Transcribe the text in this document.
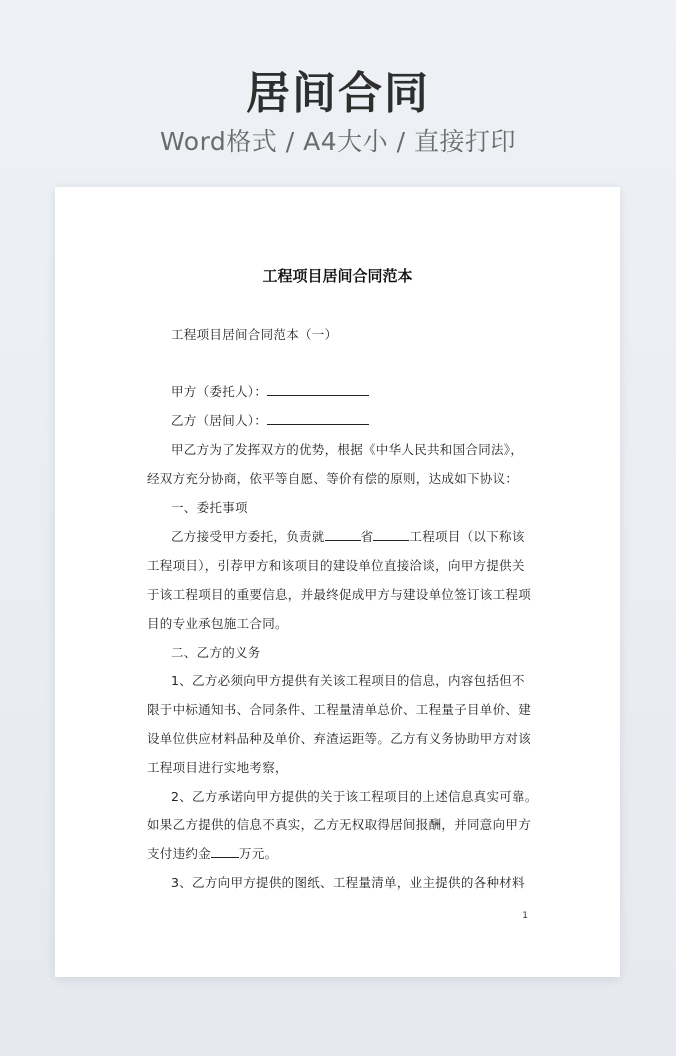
居间合同
Word格式 / A4大小 / 直接打印
工程项目居间合同范本
工程项目居间合同范本（一）
甲方（委托人）：
乙方（居间人）：
甲乙方为了发挥双方的优势，根据《中华人民共和国合同法》，
经双方充分协商，依平等自愿、等价有偿的原则，达成如下协议：
一、委托事项
乙方接受甲方委托，负责就	省	工程项目（以下称该
工程项目），引荐甲方和该项目的建设单位直接洽谈，向甲方提供关
于该工程项目的重要信息，并最终促成甲方与建设单位签订该工程项
目的专业承包施工合同。
二、乙方的义务
1、乙方必须向甲方提供有关该工程项目的信息，内容包括但不
限于中标通知书、合同条件、工程量清单总价、工程量子目单价、建
设单位供应材料品种及单价、弃渣运距等。乙方有义务协助甲方对该
工程项目进行实地考察，
2、乙方承诺向甲方提供的关于该工程项目的上述信息真实可靠。
如果乙方提供的信息不真实，乙方无权取得居间报酬，并同意向甲方
支付违约金 万元。
3、乙方向甲方提供的图纸、工程量清单，业主提供的各种材料
1
